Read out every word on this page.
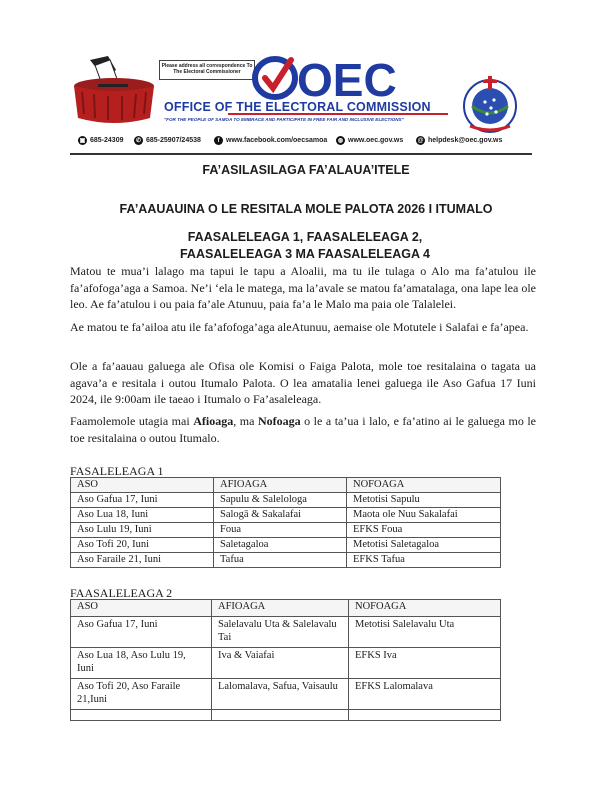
Please address all correspondence To The Electoral Commissioner	OEC
OFFICE OF THE ELECTORAL COMMISSION
"FOR THE PEOPLE OF SAMOA TO EMBRACE AND PARTICIPATE IN FREE FAIR AND INCLUSIVE ELECTIONS"
▣ 685-24309	✆ 685-25907/24538	f www.facebook.com/oecsamoa	◍ www.oec.gov.ws @ helpdesk@oec.gov.ws
FA’ASILASILAGA FA’ALAUA’ITELE
FA’AAUAUINA O LE RESITALA MOLE PALOTA 2026 I ITUMALO
FAASALELEAGA 1, FAASALELEAGA 2, FAASALELEAGA 3 MA FAASALELEAGA 4
Matou te mua’i lalago ma tapui le tapu a Aloalii, ma tu ile tulaga o Alo ma fa’atulou ile fa’afofoga’aga a Samoa. Ne’i ‘ela le matega, ma la’avale se matou fa’amatalaga, ona lape lea ole leo. Ae fa’atulou i ou paia fa’ale Atunuu, paia fa’a le Malo ma paia ole Talalelei.
Ae matou te fa’ailoa atu ile fa’afofoga’aga aleAtunuu, aemaise ole Motutele i Salafai e fa’apea.
Ole a fa’aauau galuega ale Ofisa ole Komisi o Faiga Palota, mole toe resitalaina o tagata ua agava’a e resitala i outou Itumalo Palota. O lea amatalia lenei galuega ile Aso Gafua 17 Iuni 2024, ile 9:00am ile taeao i Itumalo o Fa’asaleleaga.
Faamolemole utagia mai Afioaga, ma Nofoaga o le a ta’ua i lalo, e fa’atino ai le galuega mo le toe resitalaina o outou Itumalo.
FASALELEAGA 1
ASO	AFIOAGA	NOFOAGA
Aso Gafua 17, Iuni	Sapulu & Salelologa	Metotisi Sapulu
Aso Lua 18, Iuni	Salogā & Sakalafai	Maota ole Nuu Sakalafai
Aso Lulu 19, Iuni	Foua	EFKS Foua
Aso Tofi 20, Iuni	Saletagaloa	Metotisi Saletagaloa
Aso Faraile 21, Iuni	Tafua	EFKS Tafua
FAASALELEAGA 2
ASO	AFIOAGA	NOFOAGA
Aso Gafua 17, Iuni	Salelavalu Uta & Salelavalu Tai	Metotisi Salelavalu Uta
Aso Lua 18, Aso Lulu 19, Iuni	Iva & Vaiafai	EFKS Iva
Aso Tofi 20, Aso Faraile 21,Iuni	Lalomalava, Safua, Vaisaulu	EFKS Lalomalava
